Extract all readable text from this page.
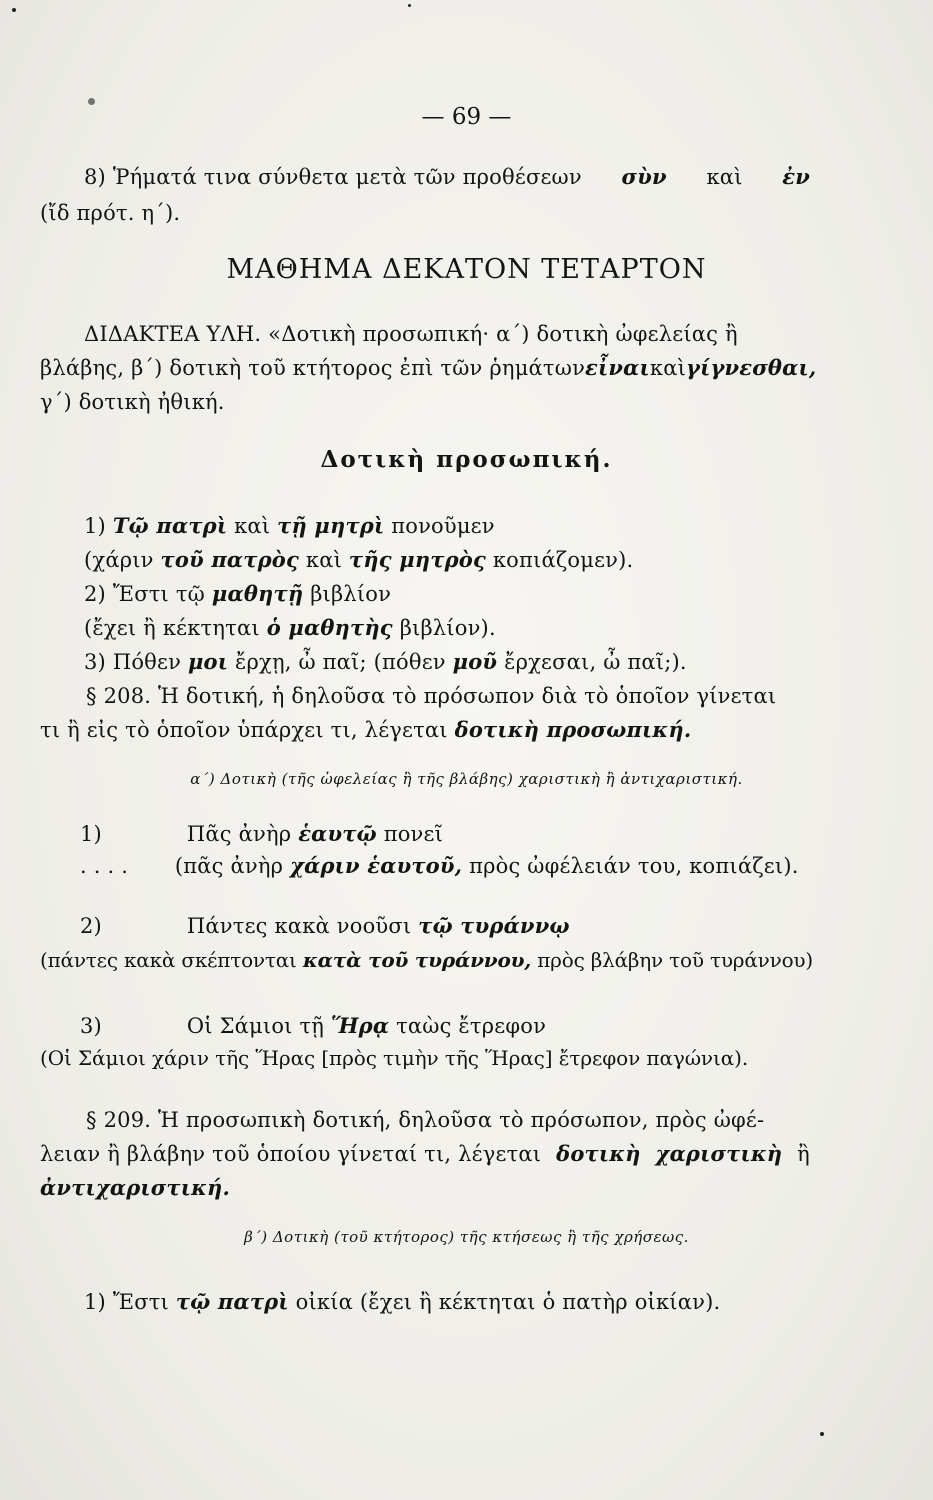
— 69 —
8) Ῥήματά τινα σύνθετα μετὰ τῶν προθέσεων σὺν καὶ ἐν
(ἴδ πρότ. η΄).
ΜΑΘΗΜΑ ΔΕΚΑΤΟΝ ΤΕΤΑΡΤΟΝ
ΔΙΔΑΚΤΕΑ ΥΛΗ. «Δοτικὴ προσωπική· α΄) δοτικὴ ὠφελείας ἢ
βλάβης, β΄) δοτικὴ τοῦ κτήτορος ἐπὶ τῶν ῥημάτων εἶναι καὶ γίγνεσθαι,
γ΄) δοτικὴ ἠθική.
Δοτικὴ προσωπική.
1) Τῷ πατρὶ καὶ τῇ μητρὶ πονοῦμεν
(χάριν τοῦ πατρὸς καὶ τῆς μητρὸς κοπιάζομεν).
2) Ἔστι τῷ μαθητῇ βιβλίον
(ἔχει ἢ κέκτηται ὁ μαθητὴς βιβλίον).
3) Πόθεν μοι ἔρχῃ, ὦ παῖ; (πόθεν μοῦ ἔρχεσαι, ὦ παῖ;).
§ 208. Ἡ δοτική, ἡ δηλοῦσα τὸ πρόσωπον διὰ τὸ ὁποῖον γίνεται
τι ἢ εἰς τὸ ὁποῖον ὑπάρχει τι, λέγεται δοτικὴ προσωπική.
α΄) Δοτικὴ (τῆς ὠφελείας ἢ τῆς βλάβης) χαριστικὴ ἢ ἀντιχαριστική.
1)	Πᾶς ἀνὴρ ἑαυτῷ πονεῖ
. . . . (πᾶς ἀνὴρ χάριν ἑαυτοῦ, πρὸς ὠφέλειάν του, κοπιάζει).
2)	Πάντες κακὰ νοοῦσι τῷ τυράννῳ
(πάντες κακὰ σκέπτονται κατὰ τοῦ τυράννου, πρὸς βλάβην τοῦ τυράννου)
3)	Οἱ Σάμιοι τῇ Ἥρᾳ ταὼς ἔτρεφον
(Οἱ Σάμιοι χάριν τῆς Ἥρας [πρὸς τιμὴν τῆς Ἥρας] ἔτρεφον παγώνια).
§ 209. Ἡ προσωπικὴ δοτική, δηλοῦσα τὸ πρόσωπον, πρὸς ὠφέ-
λειαν ἢ βλάβην τοῦ ὁποίου γίνεταί τι, λέγεται δοτικὴ χαριστικὴ ἢ
ἀντιχαριστική.
β΄) Δοτικὴ (τοῦ κτήτορος) τῆς κτήσεως ἢ τῆς χρήσεως.
1) Ἔστι τῷ πατρὶ οἰκία (ἔχει ἢ κέκτηται ὁ πατὴρ οἰκίαν).
